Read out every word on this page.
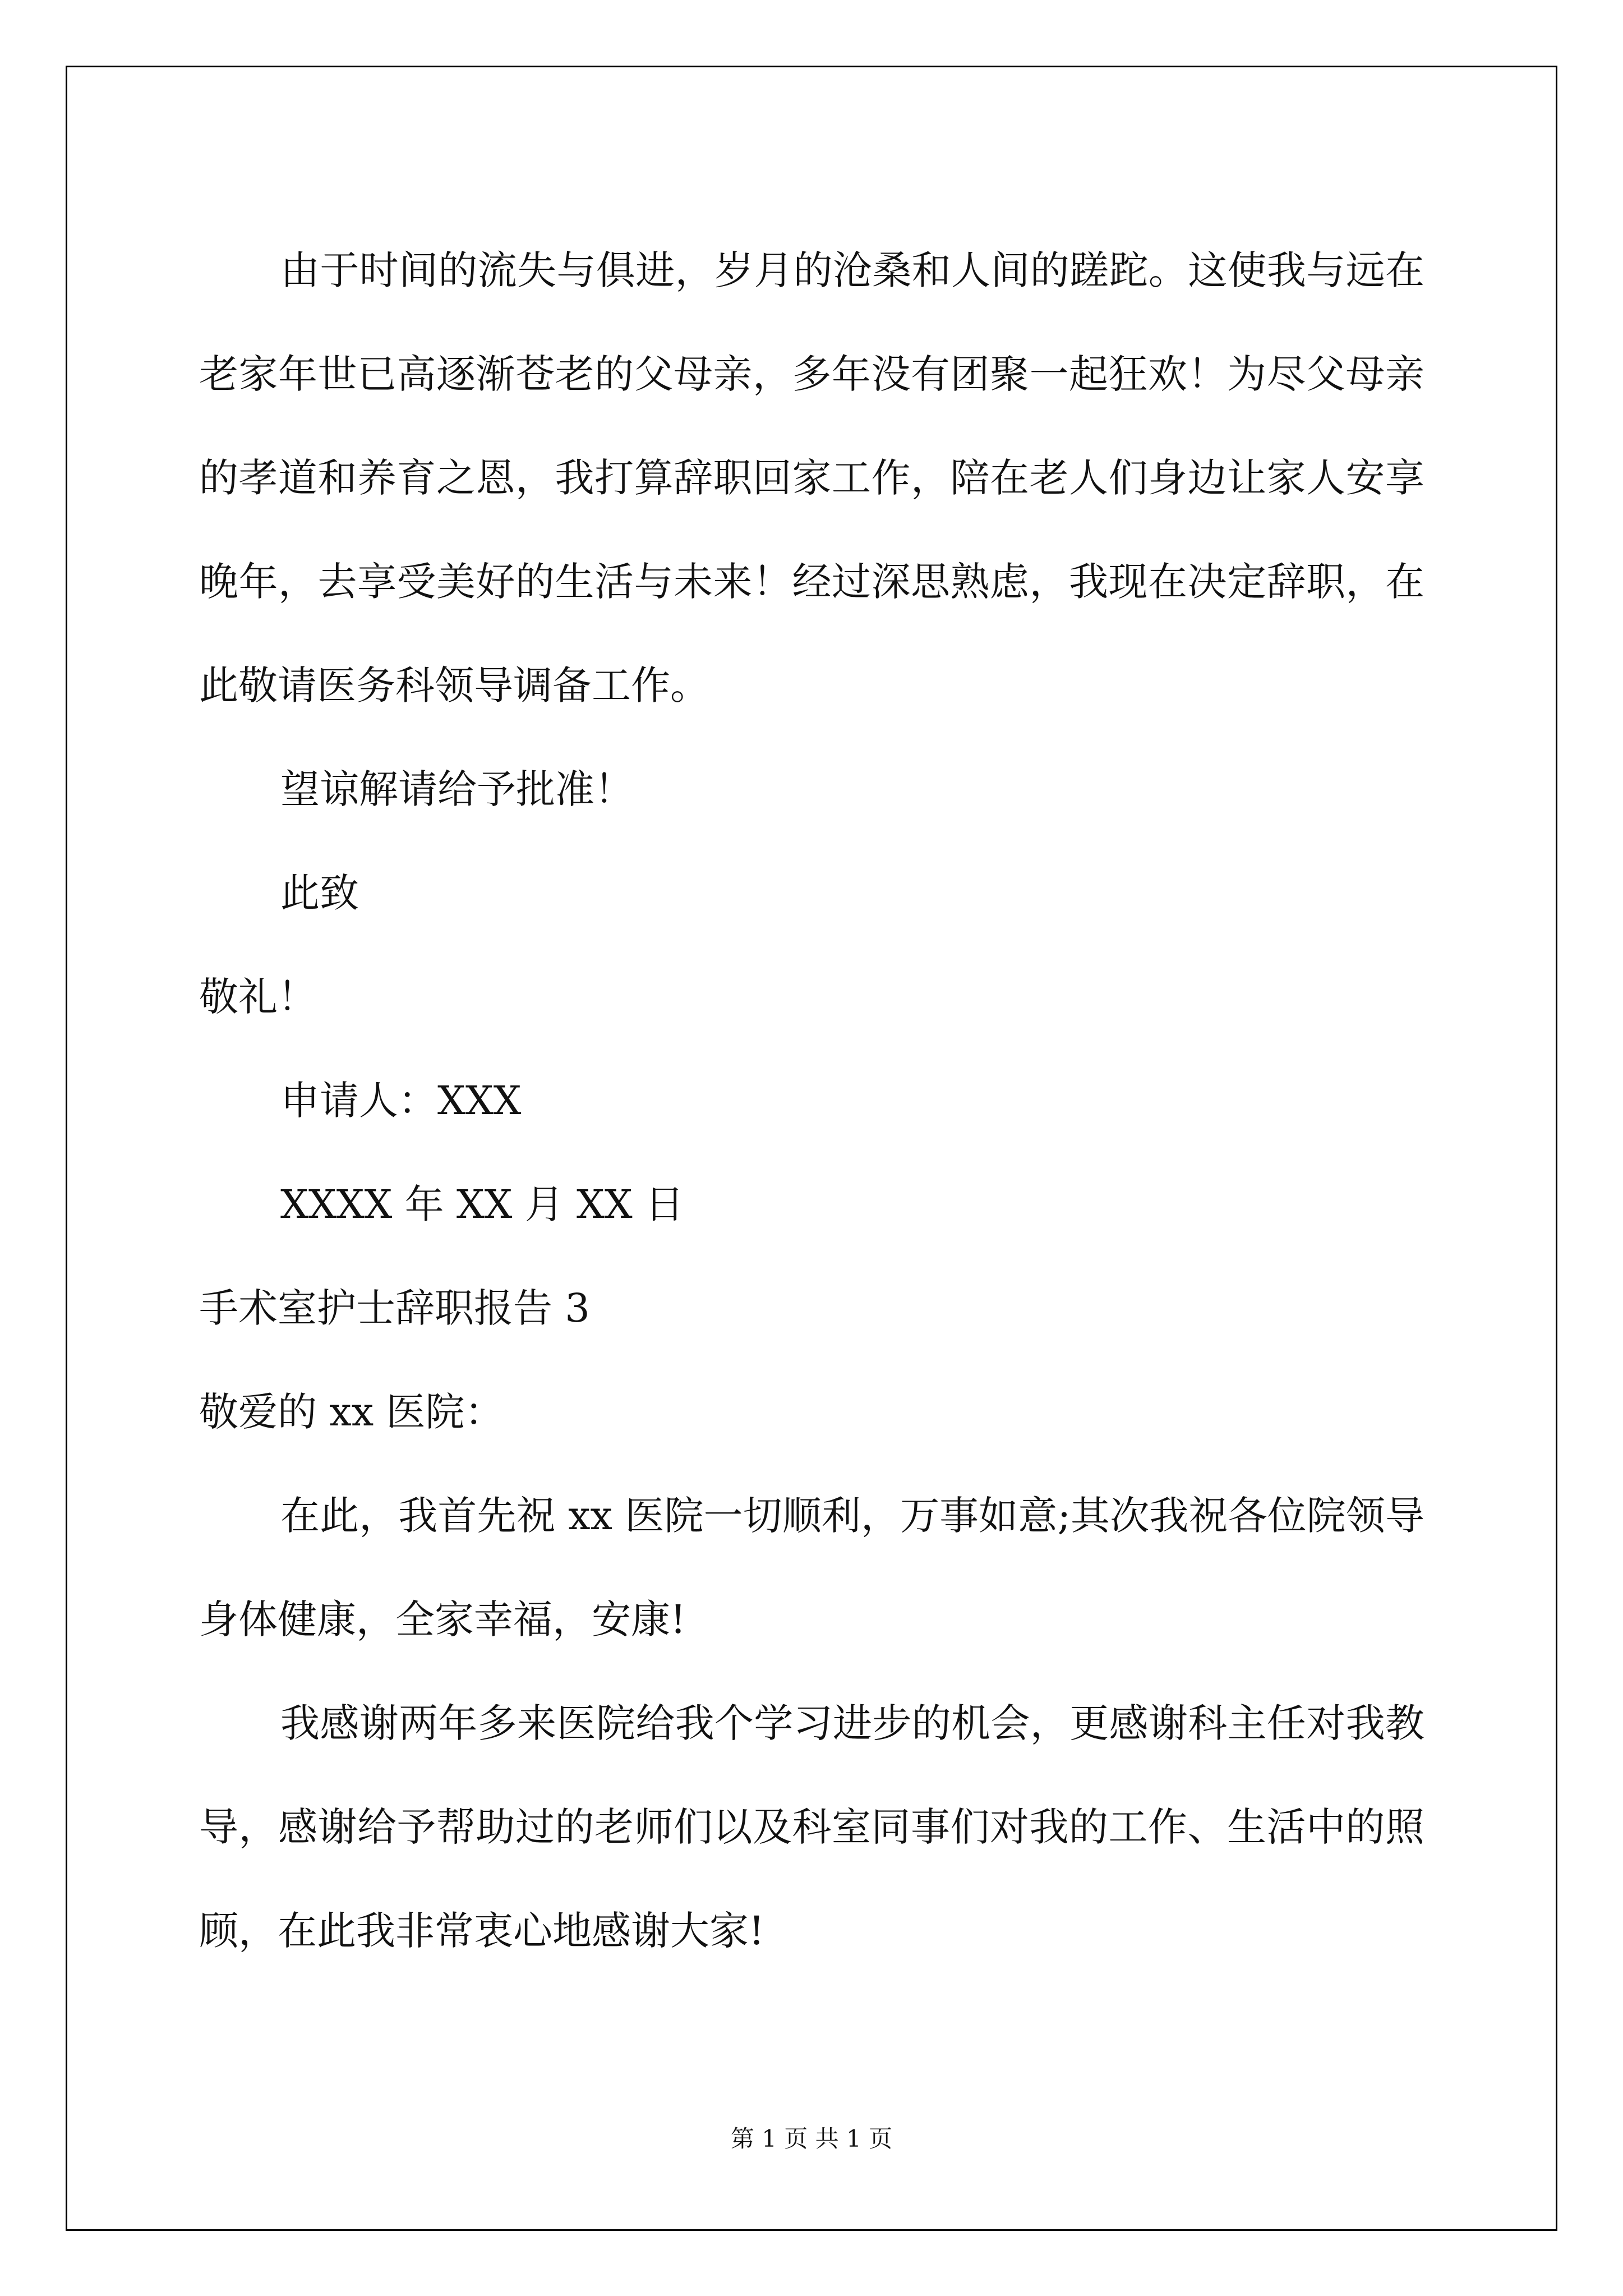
由于时间的流失与俱进，岁月的沧桑和人间的蹉跎。这使我与远在老家年世已高逐渐苍老的父母亲，多年没有团聚一起狂欢！为尽父母亲的孝道和养育之恩，我打算辞职回家工作，陪在老人们身边让家人安享晚年，去享受美好的生活与未来！经过深思熟虑，我现在决定辞职，在此敬请医务科领导调备工作。

望谅解请给予批准！

此致

敬礼！

申请人：XXX

XXXX 年 XX 月 XX 日

手术室护士辞职报告 3

敬爱的 xx 医院：

在此，我首先祝 xx 医院一切顺利，万事如意;其次我祝各位院领导身体健康，全家幸福，安康!

我感谢两年多来医院给我个学习进步的机会，更感谢科主任对我教导，感谢给予帮助过的老师们以及科室同事们对我的工作、生活中的照顾，在此我非常衷心地感谢大家!

第 1 页 共 1 页
